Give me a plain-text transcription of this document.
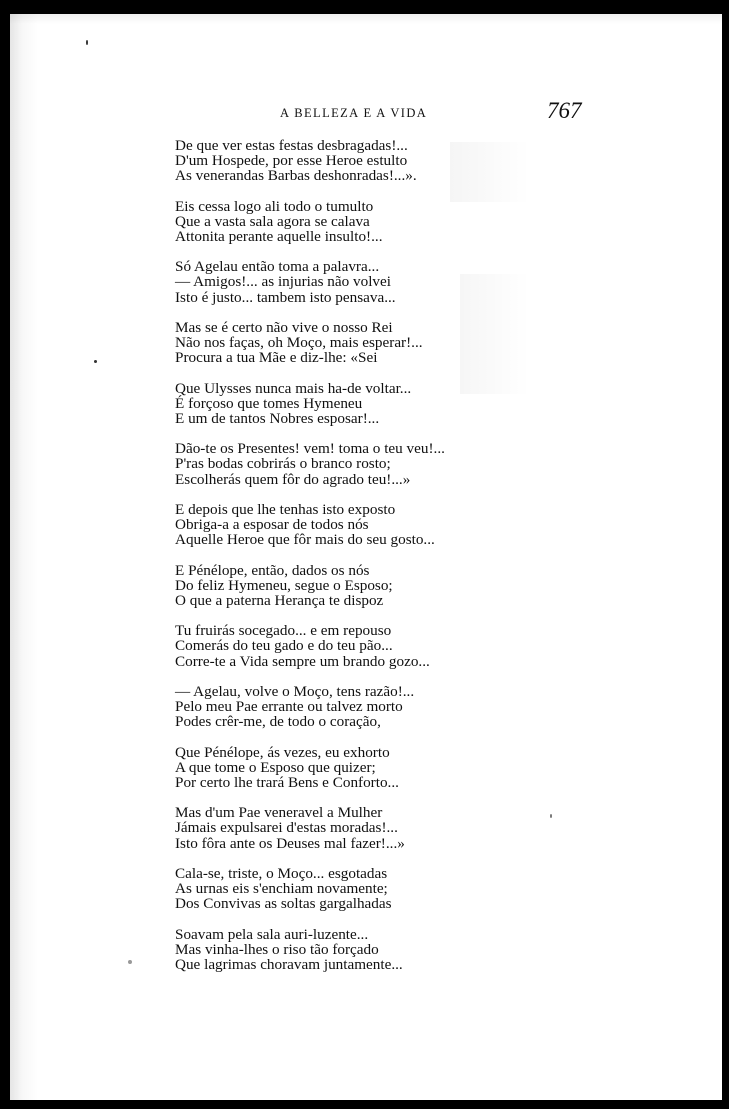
A BELLEZA E A VIDA	767
De que ver estas festas desbragadas!...
D'um Hospede, por esse Heroe estulto
As venerandas Barbas deshonradas!...».
Eis cessa logo ali todo o tumulto
Que a vasta sala agora se calava
Attonita perante aquelle insulto!...
Só Agelau então toma a palavra...
— Amigos!... as injurias não volvei
Isto é justo... tambem isto pensava...
Mas se é certo não vive o nosso Rei
Não nos faças, oh Moço, mais esperar!...
Procura a tua Mãe e diz-lhe: «Sei
Que Ulysses nunca mais ha-de voltar...
É forçoso que tomes Hymeneu
E um de tantos Nobres esposar!...
Dão-te os Presentes! vem! toma o teu veu!...
P'ras bodas cobrirás o branco rosto;
Escolherás quem fôr do agrado teu!...»
E depois que lhe tenhas isto exposto
Obriga-a a esposar de todos nós
Aquelle Heroe que fôr mais do seu gosto...
E Pénélope, então, dados os nós
Do feliz Hymeneu, segue o Esposo;
O que a paterna Herança te dispoz
Tu fruirás socegado... e em repouso
Comerás do teu gado e do teu pão...
Corre-te a Vida sempre um brando gozo...
— Agelau, volve o Moço, tens razão!...
Pelo meu Pae errante ou talvez morto
Podes crêr-me, de todo o coração,
Que Pénélope, ás vezes, eu exhorto
A que tome o Esposo que quizer;
Por certo lhe trará Bens e Conforto...
Mas d'um Pae veneravel a Mulher
Jámais expulsarei d'estas moradas!...
Isto fôra ante os Deuses mal fazer!...»
Cala-se, triste, o Moço... esgotadas
As urnas eis s'enchiam novamente;
Dos Convivas as soltas gargalhadas
Soavam pela sala auri-luzente...
Mas vinha-lhes o riso tão forçado
Que lagrimas choravam juntamente...
